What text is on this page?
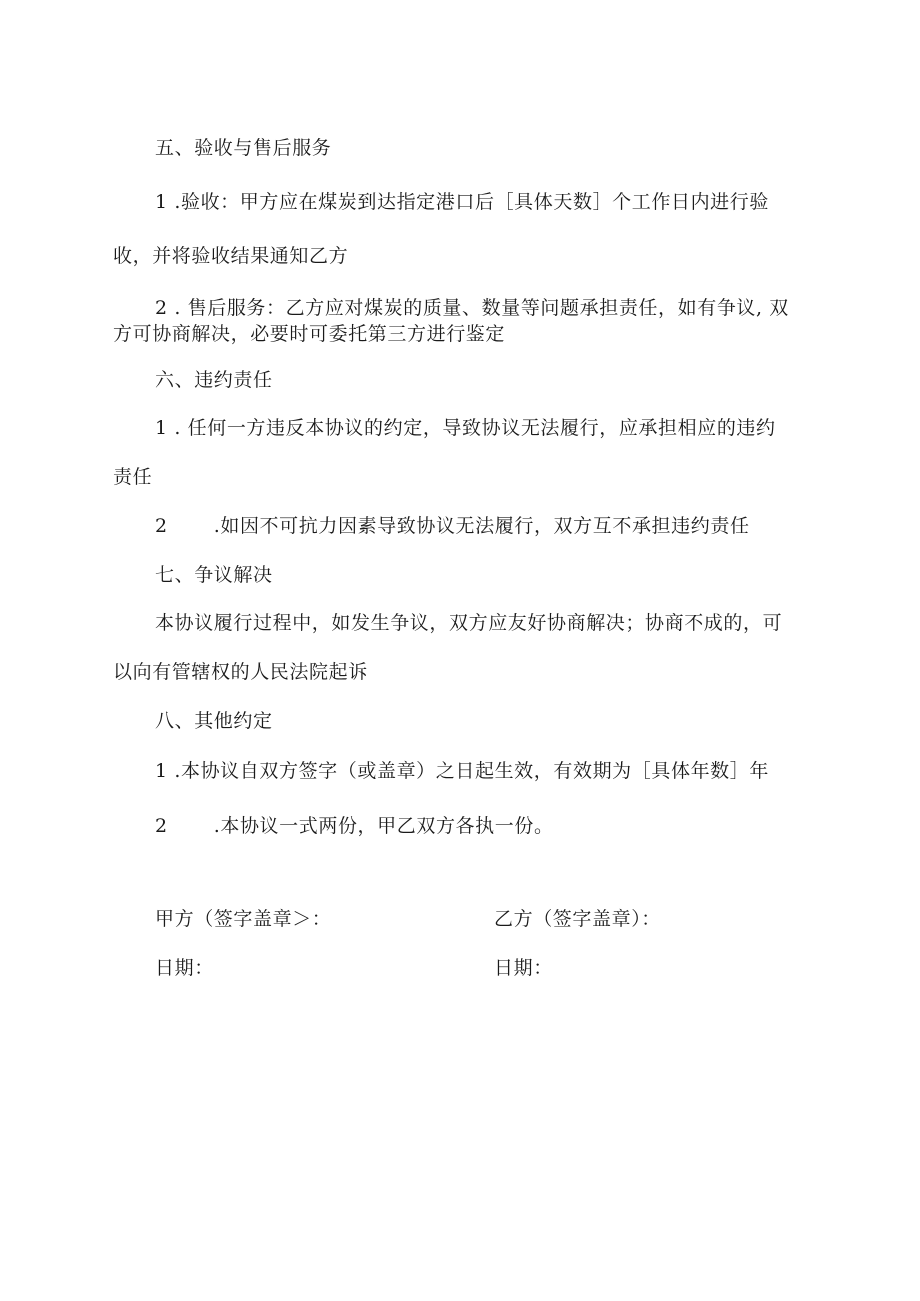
五、验收与售后服务
1 .验收：甲方应在煤炭到达指定港口后［具体天数］个工作日内进行验
收，并将验收结果通知乙方
2 . 售后服务：乙方应对煤炭的质量、数量等问题承担责任，如有争议, 双
方可协商解决，必要时可委托第三方进行鉴定
六、违约责任
1 . 任何一方违反本协议的约定，导致协议无法履行，应承担相应的违约
责任
2 .如因不可抗力因素导致协议无法履行，双方互不承担违约责任
七、争议解决
本协议履行过程中，如发生争议，双方应友好协商解决；协商不成的，可
以向有管辖权的人民法院起诉
八、其他约定
1 .本协议自双方签字（或盖章）之日起生效，有效期为［具体年数］年
2 .本协议一式两份，甲乙双方各执一份。
甲方（签字盖章＞：	乙方（签字盖章）：
日期：	日期：
